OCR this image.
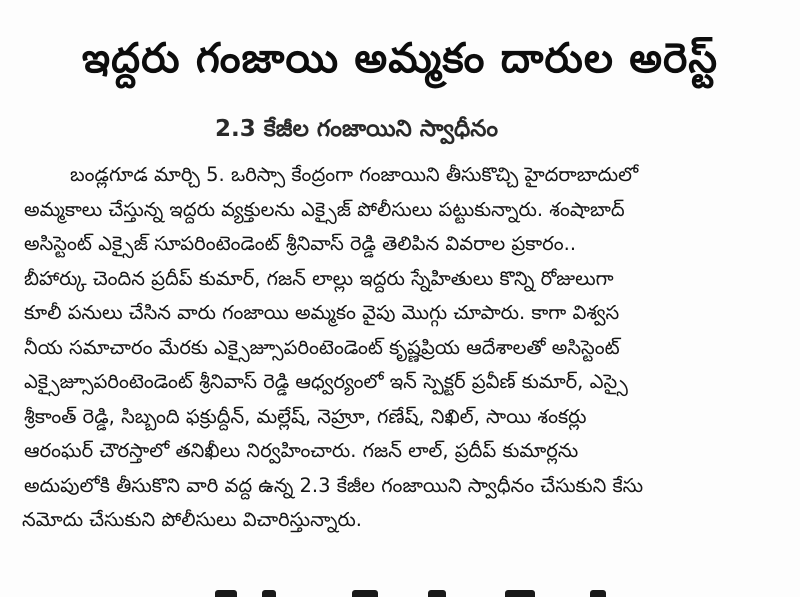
ఇద్దరు గంజాయి అమ్మకం దారుల అరెస్ట్
2.3 కేజీల గంజాయిని స్వాధీనం
బండ్లగూడ మార్చి 5. ఒరిస్సా కేంద్రంగా గంజాయిని తీసుకొచ్చి హైదరాబాదులో
అమ్మకాలు చేస్తున్న ఇద్దరు వ్యక్తులను ఎక్సైజ్ పోలీసులు పట్టుకున్నారు. శంషాబాద్
అసిస్టెంట్ ఎక్సైజ్ సూపరింటెండెంట్ శ్రీనివాస్ రెడ్డి తెలిపిన వివరాల ప్రకారం..
బీహార్కు చెందిన ప్రదీప్ కుమార్, గజన్ లాల్లు ఇద్దరు స్నేహితులు కొన్ని రోజులుగా
కూలీ పనులు చేసిన వారు గంజాయి అమ్మకం వైపు మొగ్గు చూపారు. కాగా విశ్వస
నీయ సమాచారం మేరకు ఎక్సైజ్సూపరింటెండెంట్ కృష్ణప్రియ ఆదేశాలతో అసిస్టెంట్
ఎక్సైజ్సూపరింటెండెంట్ శ్రీనివాస్ రెడ్డి ఆధ్వర్యంలో ఇన్ స్పెక్టర్ ప్రవీణ్ కుమార్, ఎస్సై
శ్రీకాంత్ రెడ్డి, సిబ్బంది ఫక్రుద్దీన్, మల్లేష్, నెహ్రూ, గణేష్, నిఖిల్, సాయి శంకర్లు
ఆరంఘర్ చౌరస్తాలో తనిఖీలు నిర్వహించారు. గజన్ లాల్, ప్రదీప్ కుమార్లను
అదుపులోకి తీసుకొని వారి వద్ద ఉన్న 2.3 కేజీల గంజాయిని స్వాధీనం చేసుకుని కేసు
నమోదు చేసుకుని పోలీసులు విచారిస్తున్నారు.
